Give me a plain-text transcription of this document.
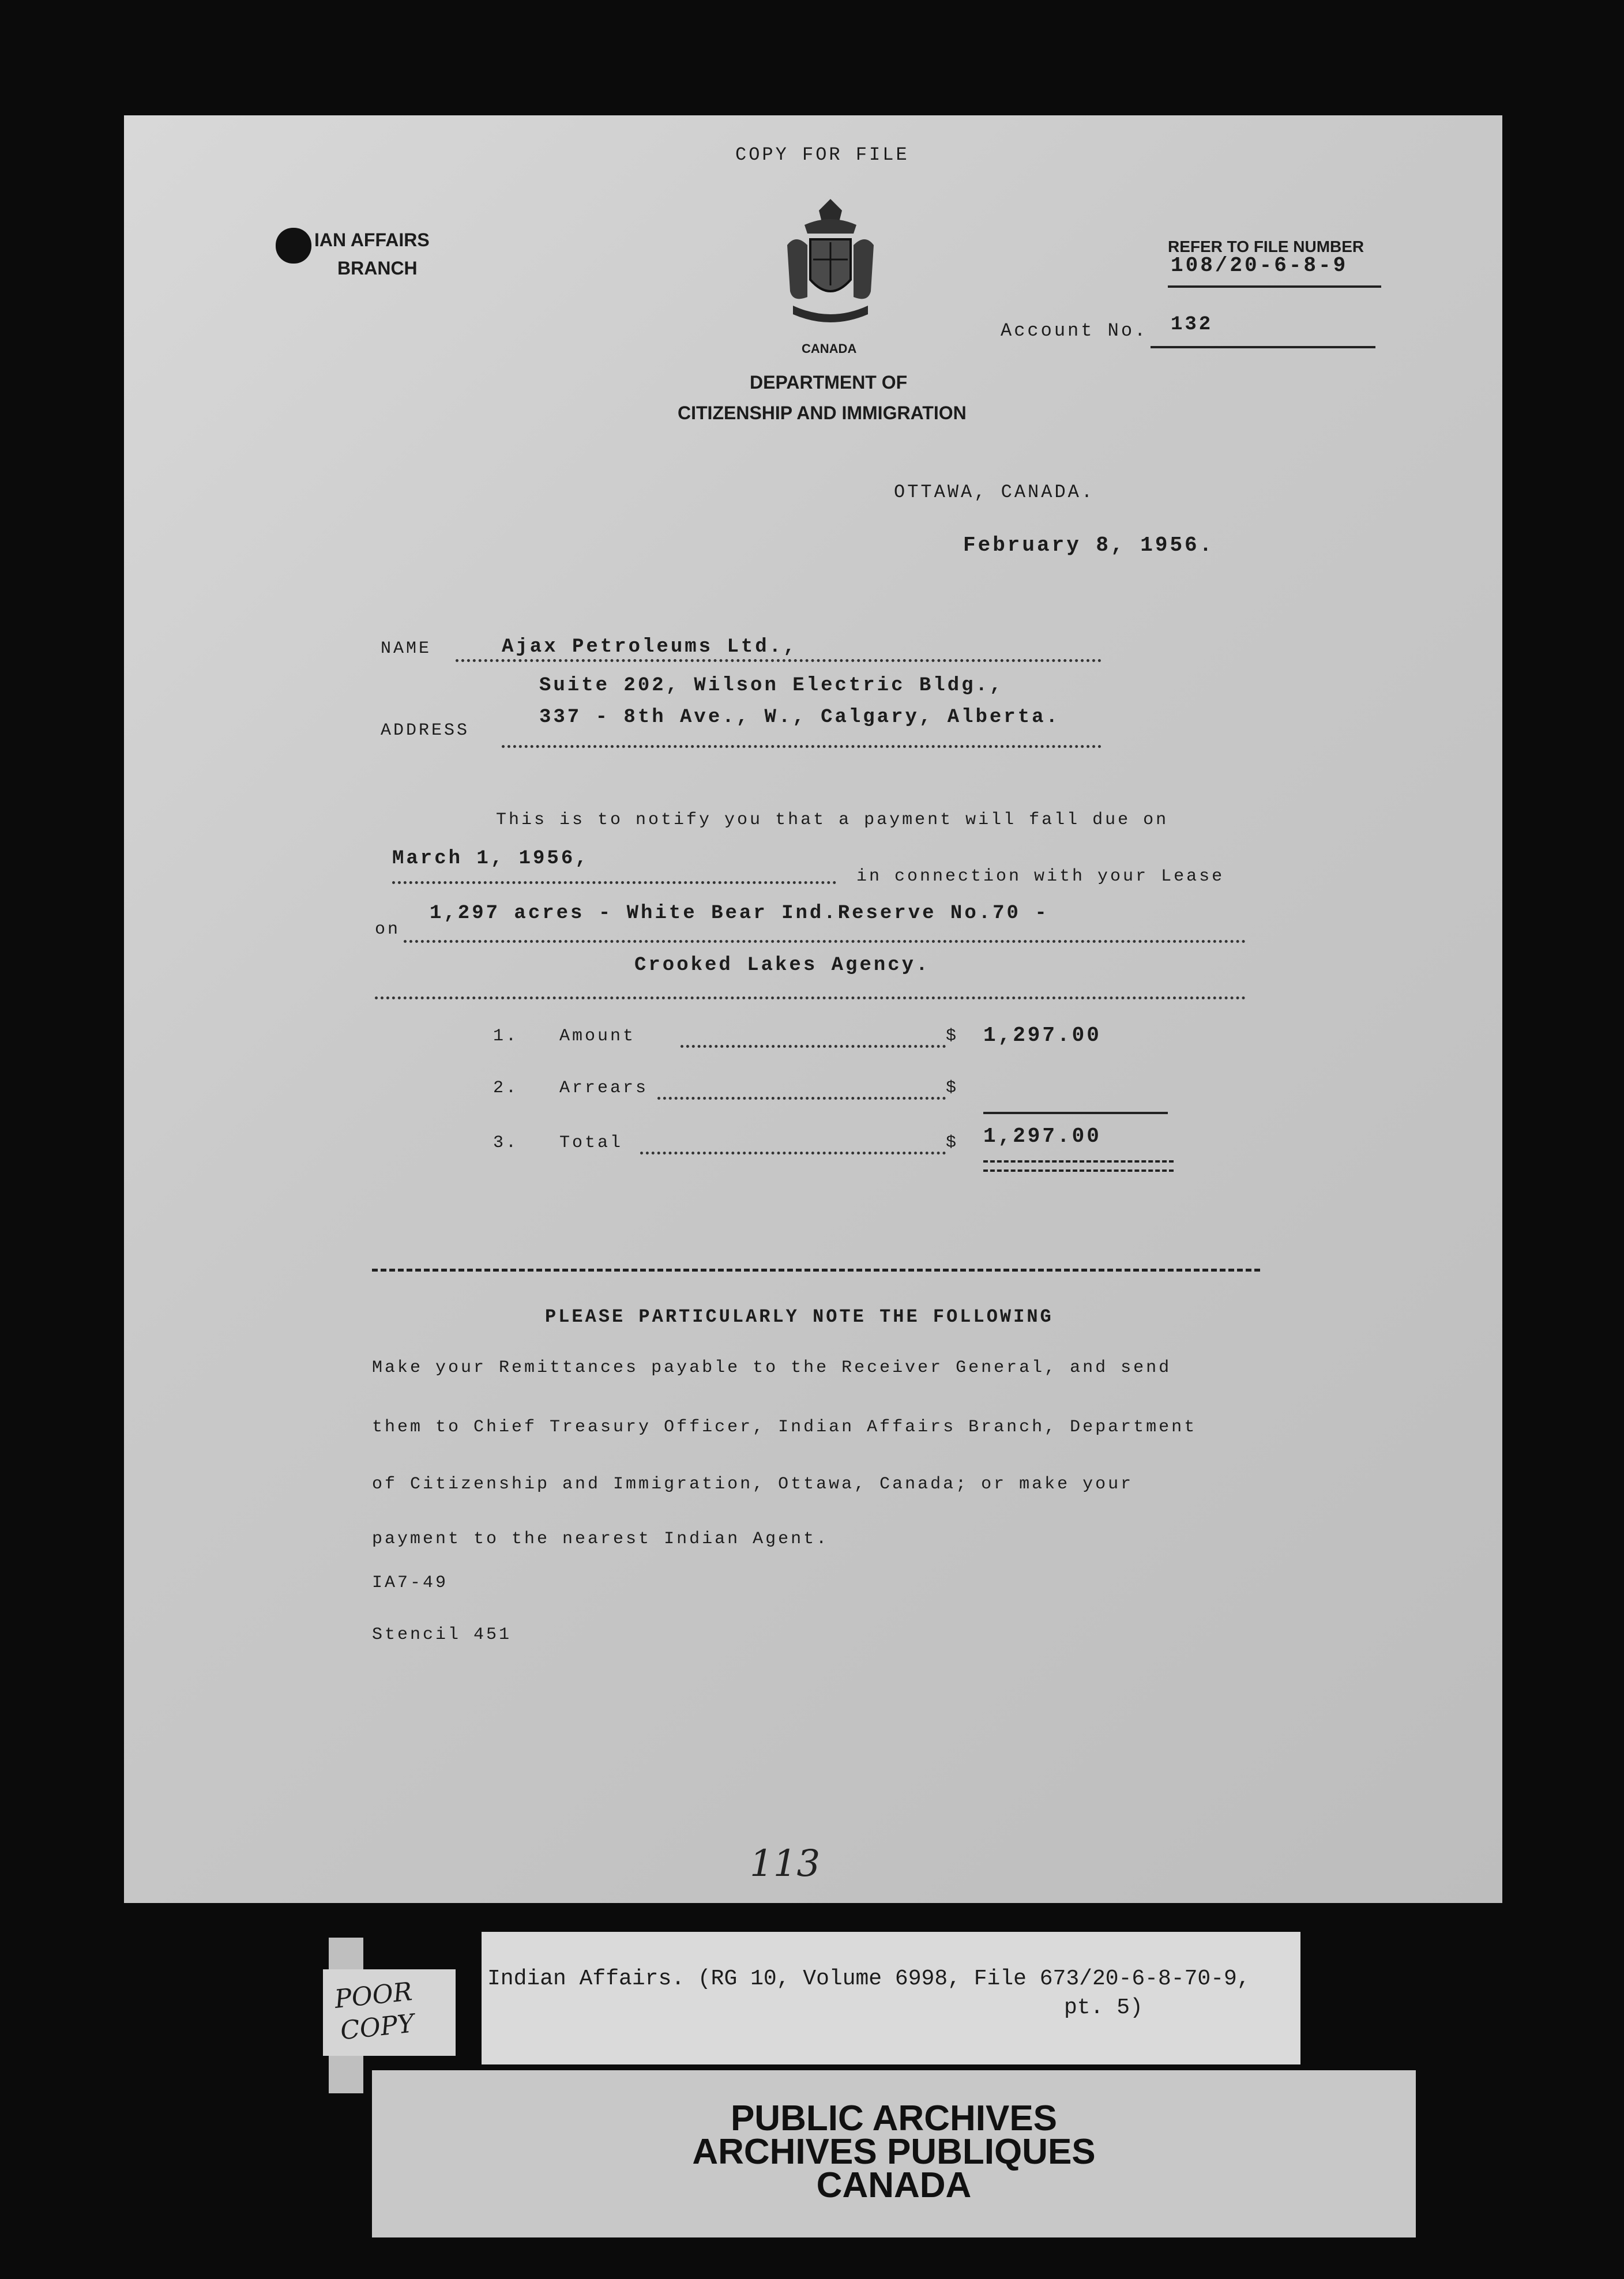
COPY FOR FILE
IAN AFFAIRS
BRANCH
CANADA
DEPARTMENT OF
CITIZENSHIP AND IMMIGRATION
REFER TO FILE NUMBER
108/20-6-8-9
Account No. 132
OTTAWA, CANADA.
February 8, 1956.
NAME	Ajax Petroleums Ltd.,
Suite 202, Wilson Electric Bldg.,
ADDRESS
337 - 8th Ave., W., Calgary, Alberta.
This is to notify you that a payment will fall due on
March 1, 1956,
in connection with your Lease
on
1,297 acres - White Bear Ind.Reserve No.70 -
Crooked Lakes Agency.
1. Amount	$ 1,297.00
2. Arrears	$
3. Total	$ 1,297.00
PLEASE PARTICULARLY NOTE THE FOLLOWING
Make your Remittances payable to the Receiver General, and send
them to Chief Treasury Officer, Indian Affairs Branch, Department
of Citizenship and Immigration, Ottawa, Canada; or make your
payment to the nearest Indian Agent.
IA7-49
Stencil 451
113
PUBLIC ARCHIVES
ARCHIVES PUBLIQUES
CANADA
Indian Affairs. (RG 10, Volume 6998, File 673/20-6-8-70-9,
pt. 5)
POOR
COPY
